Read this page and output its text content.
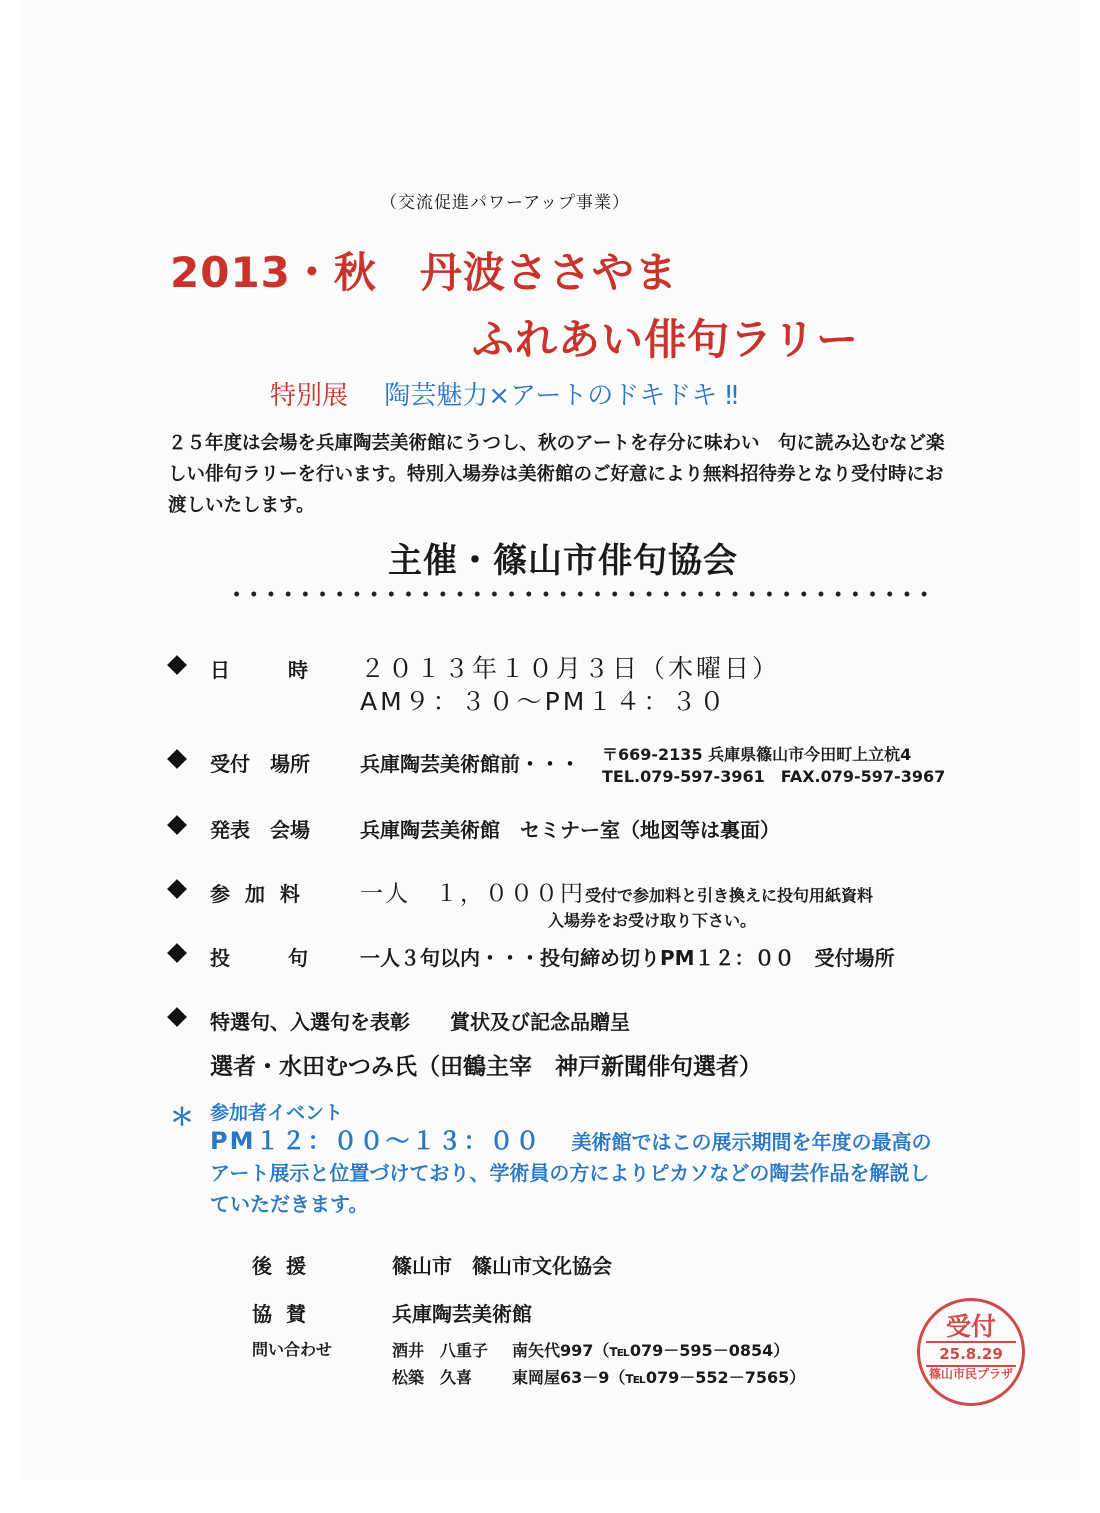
（交流促進パワーアップ事業）
2013・秋　丹波ささやま
ふれあい俳句ラリー
特別展 陶芸魅力×アートのドキドキ ‼
２５年度は会場を兵庫陶芸美術館にうつし、秋のアートを存分に味わい　句に読み込むなど楽しい俳句ラリーを行います。特別入場券は美術館のご好意により無料招待券となり受付時にお渡しいたします。
主催・篠山市俳句協会
日　　時 ２０１３年１０月３日（木曜日）
AM９：３０～PM１４：３０
受付　場所	兵庫陶芸美術館前・・・ 〒669-2135 兵庫県篠山市今田町上立杭4
TEL.079-597-3961　FAX.079-597-3967
発表　会場	兵庫陶芸美術館　セミナー室（地図等は裏面）
参 加 料 一人　１，０００円受付で参加料と引き換えに投句用紙資料
入場券をお受け取り下さい。
投　　句 一人３句以内・・・投句締め切りPM１２：００　受付場所
特選句、入選句を表彰　　賞状及び記念品贈呈
選者・水田むつみ氏（田鶴主宰　神戸新聞俳句選者）
＊ 参加者イベント
PM１２：００～１３：００ 美術館ではこの展示期間を年度の最高のアート展示と位置づけており、学術員の方によりピカソなどの陶芸作品を解説していただきます。
後援	篠山市　篠山市文化協会
協賛	兵庫陶芸美術館
問い合わせ	酒井　八重子 南矢代997（℡079－595－0854）
松築　久喜 東岡屋63－9（℡079－552－7565）
受付
25.8.29
篠山市民プラザ
